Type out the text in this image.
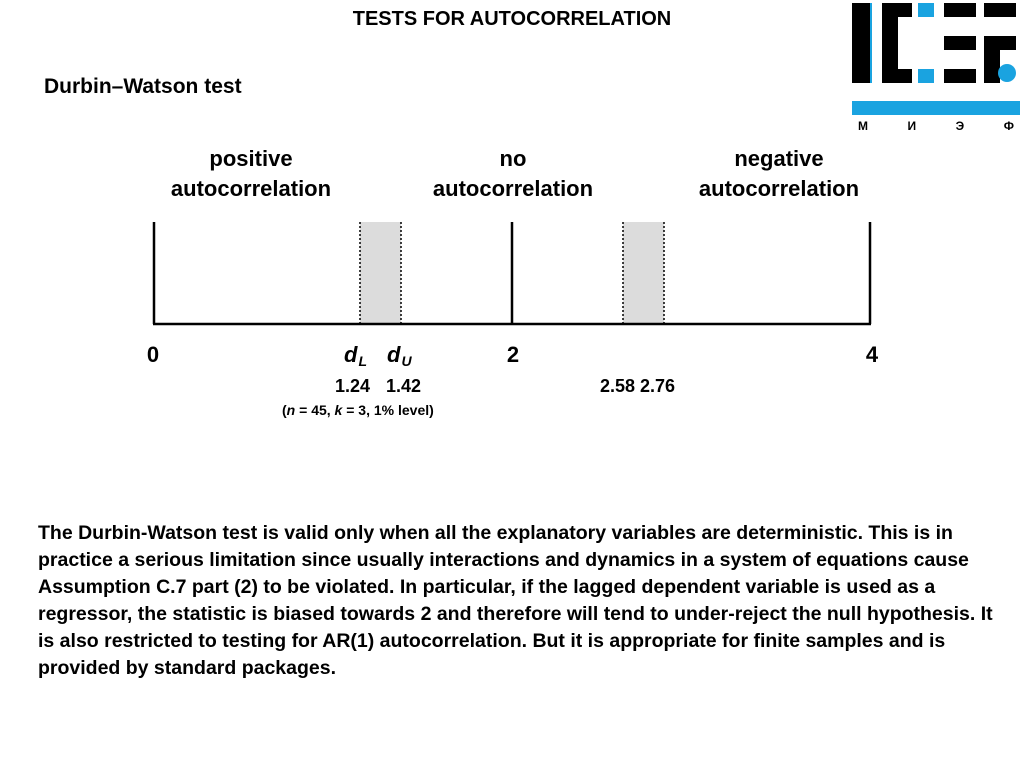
TESTS FOR AUTOCORRELATION
Durbin–Watson test
positive
autocorrelation
no
autocorrelation
negative
autocorrelation
0	2	4
$d_L$ $d_U$
1.24 1.42	2.58 2.76
(n = 45, k = 3, 1% level)
The Durbin-Watson test is valid only when all the explanatory variables are deterministic. This is in practice a serious limitation since usually interactions and dynamics in a system of equations cause Assumption C.7 part (2) to be violated. In particular, if the lagged dependent variable is used as a regressor, the statistic is biased towards 2 and therefore will tend to under-reject the null hypothesis. It is also restricted to testing for AR(1) autocorrelation. But it is appropriate for finite samples and is provided by standard packages.
М	И	Э	Ф
